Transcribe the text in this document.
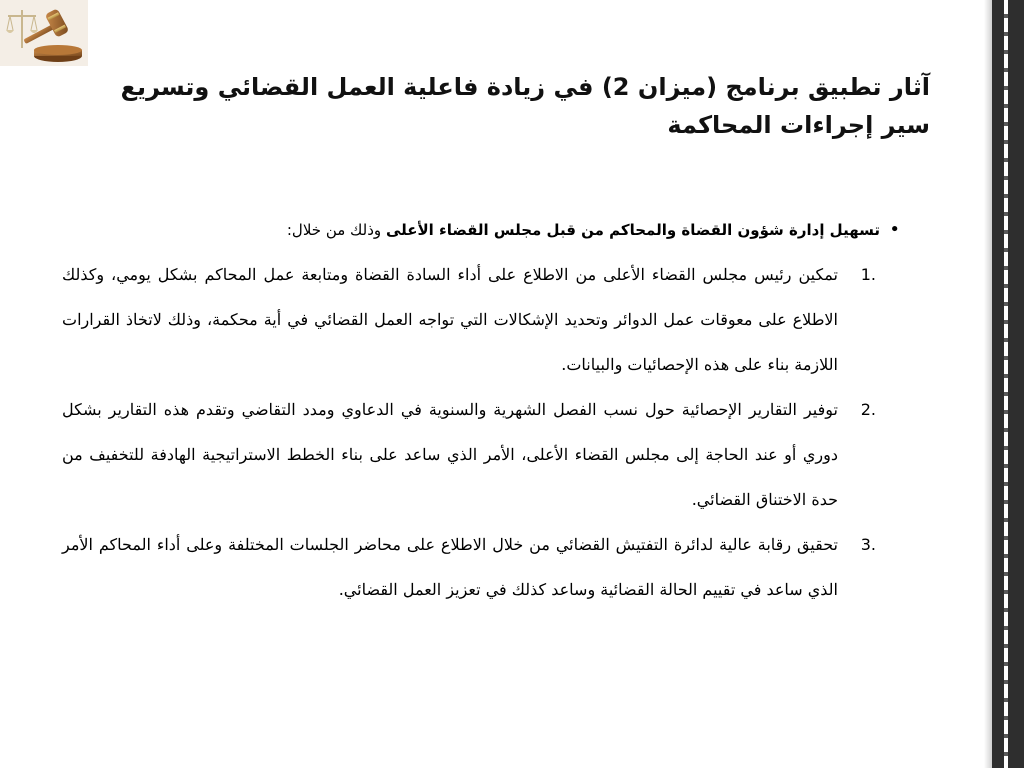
آثار تطبيق برنامج (ميزان 2) في زيادة فاعلية العمل القضائي وتسريع سير إجراءات المحاكمة
•
تسهيل إدارة شؤون القضاة والمحاكم من قبل مجلس القضاء الأعلى وذلك من خلال:
1.
تمكين رئيس مجلس القضاء الأعلى من الاطلاع على أداء السادة القضاة ومتابعة عمل المحاكم بشكل يومي، وكذلك الاطلاع على معوقات عمل الدوائر وتحديد الإشكالات التي تواجه العمل القضائي في أية محكمة، وذلك لاتخاذ القرارات اللازمة بناء على هذه الإحصائيات والبيانات.
2.
توفير التقارير الإحصائية حول نسب الفصل الشهرية والسنوية في الدعاوي ومدد التقاضي وتقدم هذه التقارير بشكل دوري أو عند الحاجة إلى مجلس القضاء الأعلى، الأمر الذي ساعد على بناء الخطط الاستراتيجية الهادفة للتخفيف من حدة الاختناق القضائي.
3.
تحقيق رقابة عالية لدائرة التفتيش القضائي من خلال الاطلاع على محاضر الجلسات المختلفة وعلى أداء المحاكم الأمر الذي ساعد في تقييم الحالة القضائية وساعد كذلك في تعزيز العمل القضائي.
